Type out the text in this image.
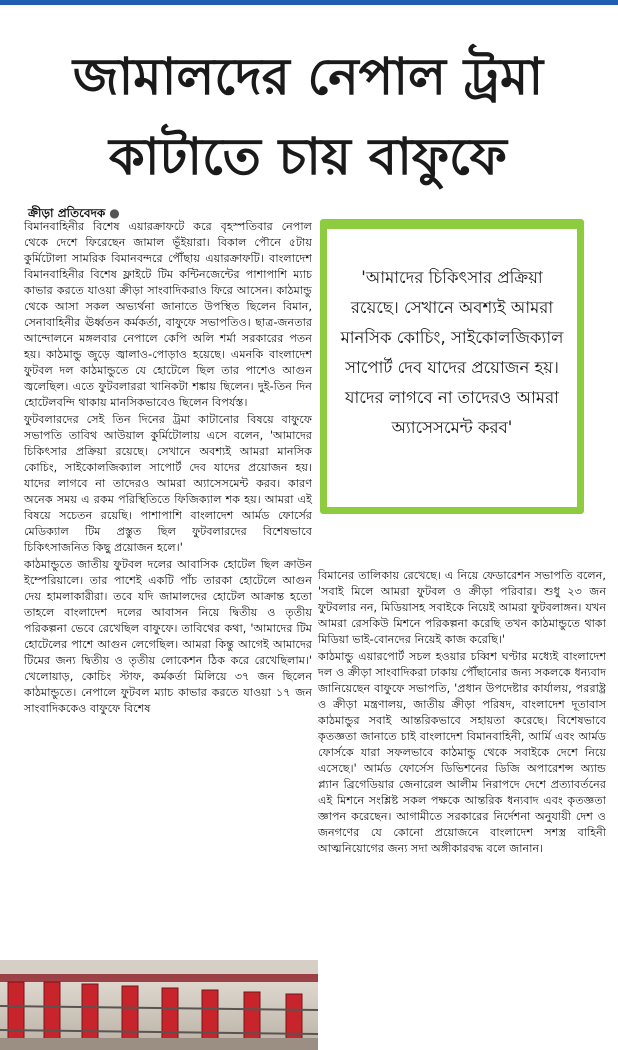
জামালদের নেপাল ট্রমা কাটাতে চায় বাফুফে
ক্রীড়া প্রতিবেদক ●

বিমানবাহিনীর বিশেষ এয়ারক্রাফটে করে বৃহস্পতিবার নেপাল থেকে দেশে ফিরেছেন জামাল ভূঁইয়ারা। বিকাল পৌনে ৫টায় কুর্মিটোলা সামরিক বিমানবন্দরে পৌঁছায় এয়ারক্রাফটি। বাংলাদেশ বিমানবাহিনীর বিশেষ ফ্লাইটে টিম কন্টিনজেন্টের পাশাপাশি ম্যাচ কাভার করতে যাওয়া ক্রীড়া সাংবাদিকরাও ফিরে আসেন। কাঠমান্ডু থেকে আসা সকল অভ্যর্থনা জানাতে উপস্থিত ছিলেন বিমান, সেনাবাহিনীর ঊর্ধ্বতন কর্মকর্তা, বাফুফে সভাপতিও। ছাত্র-জনতার আন্দোলনে মঙ্গলবার নেপালে কেপি অলি শর্মা সরকারের পতন হয়। কাঠমান্ডু জুড়ে জ্বালাও-পোড়াও হয়েছে। এমনকি বাংলাদেশ ফুটবল দল কাঠমান্ডুতে যে হোটেলে ছিল তার পাশেও আগুন জ্বলেছিল। এতে ফুটবলাররা খানিকটা শঙ্কায় ছিলেন। দুই-তিন দিন হোটেলবন্দি থাকায় মানসিকভাবেও ছিলেন বিপর্যস্ত।

ফুটবলারদের সেই তিন দিনের ট্রমা কাটানোর বিষয়ে বাফুফে সভাপতি তাবিথ আউয়াল কুর্মিটোলায় এসে বলেন, 'আমাদের চিকিৎসার প্রক্রিয়া রয়েছে। সেখানে অবশ্যই আমরা মানসিক কোচিং, সাইকোলজিক্যাল সাপোর্ট দেব যাদের প্রয়োজন হয়। যাদের লাগবে না তাদেরও আমরা অ্যাসেসমেন্ট করব। কারণ অনেক সময় এ রকম পরিস্থিতিতে ফিজিক্যাল শক হয়। আমরা এই বিষয়ে সচেতন রয়েছি। পাশাপাশি বাংলাদেশ আর্মড ফোর্সের মেডিক্যাল টিম প্রস্তুত ছিল ফুটবলারদের বিশেষভাবে চিকিৎসাজনিত কিছু প্রয়োজন হলে।'

কাঠমান্ডুতে জাতীয় ফুটবল দলের আবাসিক হোটেল ছিল ক্রাউন ইম্পেরিয়ালে। তার পাশেই একটি পাঁচ তারকা হোটেলে আগুন দেয় হামলাকারীরা। তবে যদি জামালদের হোটেল আক্রান্ত হতো তাহলে বাংলাদেশ দলের আবাসন নিয়ে দ্বিতীয় ও তৃতীয় পরিকল্পনা ভেবে রেখেছিল বাফুফে। তাবিথের কথা, 'আমাদের টিম হোটেলের পাশে আগুন লেগেছিল। আমরা কিন্তু আগেই আমাদের টিমের জন্য দ্বিতীয় ও তৃতীয় লোকেশন ঠিক করে রেখেছিলাম।' খেলোয়াড়, কোচিং স্টাফ, কর্মকর্তা মিলিয়ে ৩৭ জন ছিলেন কাঠমান্ডুতে। নেপালে ফুটবল ম্যাচ কাভার করতে যাওয়া ১৭ জন সাংবাদিককেও বাফুফে বিশেষ

'আমাদের চিকিৎসার প্রক্রিয়া রয়েছে। সেখানে অবশ্যই আমরা মানসিক কোচিং, সাইকোলজিক্যাল সাপোর্ট দেব যাদের প্রয়োজন হয়। যাদের লাগবে না তাদেরও আমরা অ্যাসেসমেন্ট করব'

বিমানের তালিকায় রেখেছে। এ নিয়ে ফেডারেশন সভাপতি বলেন, 'সবাই মিলে আমরা ফুটবল ও ক্রীড়া পরিবার। শুধু ২৩ জন ফুটবলার নন, মিডিয়াসহ সবাইকে নিয়েই আমরা ফুটবলাঙ্গন। যখন আমরা রেসকিউ মিশনে পরিকল্পনা করেছি তখন কাঠমান্ডুতে থাকা মিডিয়া ভাই-বোনদের নিয়েই কাজ করেছি।'

কাঠমান্ডু এয়ারপোর্ট সচল হওয়ার চব্বিশ ঘণ্টার মধ্যেই বাংলাদেশ দল ও ক্রীড়া সাংবাদিকরা ঢাকায় পৌঁছানোর জন্য সকলকে ধন্যবাদ জানিয়েছেন বাফুফে সভাপতি, 'প্রধান উপদেষ্টার কার্যালয়, পররাষ্ট্র ও ক্রীড়া মন্ত্রণালয়, জাতীয় ক্রীড়া পরিষদ, বাংলাদেশ দূতাবাস কাঠমান্ডুর সবাই আন্তরিকভাবে সহায়তা করেছে। বিশেষভাবে কৃতজ্ঞতা জানাতে চাই বাংলাদেশ বিমানবাহিনী, আর্মি এবং আর্মড ফোর্সকে যারা সফলভাবে কাঠমান্ডু থেকে সবাইকে দেশে নিয়ে এসেছে।' আর্মড ফোর্সেস ডিভিশনের ডিজি অপারেশন্স অ্যান্ড প্ল্যান ব্রিগেডিয়ার জেনারেল আলীম নিরাপদে দেশে প্রত্যাবর্তনের এই মিশনে সংশ্লিষ্ট সকল পক্ষকে আন্তরিক ধন্যবাদ এবং কৃতজ্ঞতা জ্ঞাপন করেছেন। আগামীতে সরকারের নির্দেশনা অনুযায়ী দেশ ও জনগণের যে কোনো প্রয়োজনে বাংলাদেশ সশস্ত্র বাহিনী আত্মনিয়োগের জন্য সদা অঙ্গীকারবদ্ধ বলে জানান।
